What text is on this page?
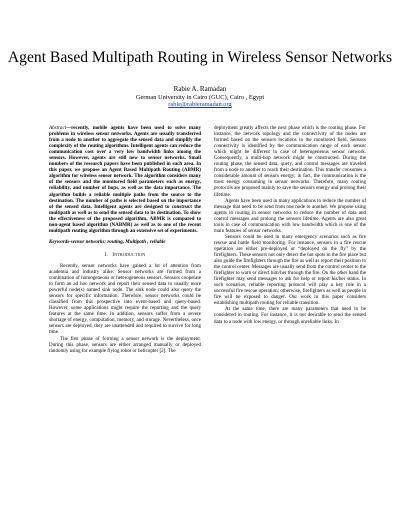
Agent Based Multipath Routing in Wireless Sensor Networks
Rabie A. Ramadan
German University in Cairo (GUC), Cairo , Egypt
rabie@rabieramadan.org

Abstract—recently, mobile agents have been used to solve many problems in wireless sensor networks. Agents are usually transferred from a node to another to aggregate the sensed data and simplify the complexity of the routing algorithms. Intelligent agents can reduce the communication cost over a very low bandwidth links among the sensors. However, agents are still new to sensor networks. Small numbers of the research papers have been published in such area. In this paper, we propose an Agent Based Multipath Routing (ABMR) algorithm for wireless sensor network. The algorithm considers many of the sensors and the monitored field parameters such as energy, reliability, and number of hops, as well as the data importance. The algorithm builds a reliable multiple paths from the source to the destination. The number of paths is selected based on the importance of the sensed data. Intelligent agents are designed to construct the multipath as well as to send the sensed data to its destination. To show the effectiveness of the proposed algorithm, ABMR is compared to non-agent based algorithm (NABMR) as well as to one of the recent multipath routing algorithm through an extensive set of experiments.

Keywords-sensor networks; routing, Multipath , reliable

I. Introduction

Recently, sensor networks have gained a lot of attention from academia and industry alike. Sensor networks are formed from a combination of homogeneous or heterogeneous sensors. Sensors cooperate to form an ad hoc network and report their sensed data to usually more powerful node(s) named sink node. The sink node could also query the sensors for specific information. Therefore, sensor networks could be classified from this prospective into event-based and query-based. However, some applications might require the reporting and the query features at the same time. In addition, sensors suffer from a severe shortage of energy, computation, memory, and storage. Nevertheless, once sensors are deployed, they are unattended and required to survive for long time.

The first phase of forming a sensor network is the deployment. During this phase, sensors are either arranged manually or deployed randomly using for example flying robot or helicopter [2]. The

deployment greatly affects the next phase which is the routing phase. For instance, the network topology and the connectivity of the nodes are formed based on the sensors locations in the monitored field. Sensors connectivity is identified by the communication range of each sensor which might be different in case of heterogeneous sensor network. Consequently, a multi-hop network might be constructed. During the routing phase, the sensed data, query, and control messages are traveled from a node to another to reach their destination. This transfer consumes a considerable amount of sensors energy; in fact, the communication is the most energy consuming in sensor networks. Therefore, many routing protocols are proposed mainly to save the sensors energy and prolong their lifetime.

Agents have been used in many applications to reduce the number of message that need to be send from one node to another. We propose using agents in routing in sensor networks to reduce the number of data and control messages and prolong the sensors lifetime. Agents are also great tools in case of communication with low bandwidth which is one of the main features of sensor networks.

Sensors could be used in many emergency scenarios such as fire rescue and battle field monitoring. For instance, sensors in a fire rescue operation are either pre-deployed or “deployed on the fly” by the firefighters. These sensors not only detect the hot spots in the fire place but also guide the firefighters through the fire as well as report their position to the control center. Messages are usually send from the control center to the firefighter to warn or direct him/her through the fire. On the other hand the firefighter may send messages to ask for help or report his/her status. In such scenarios, reliable reporting protocol will play a key role in a successful fire rescue operation; otherwise, firefighters as well as people in fire will be exposed to danger. Our work in this paper considers establishing multipath routing for reliable transition.

At the same time, there are many parameters that need to be considered in routing. For instance, it is not desirable to send the sensed data to a node with low energy, or through unreliable links. In
